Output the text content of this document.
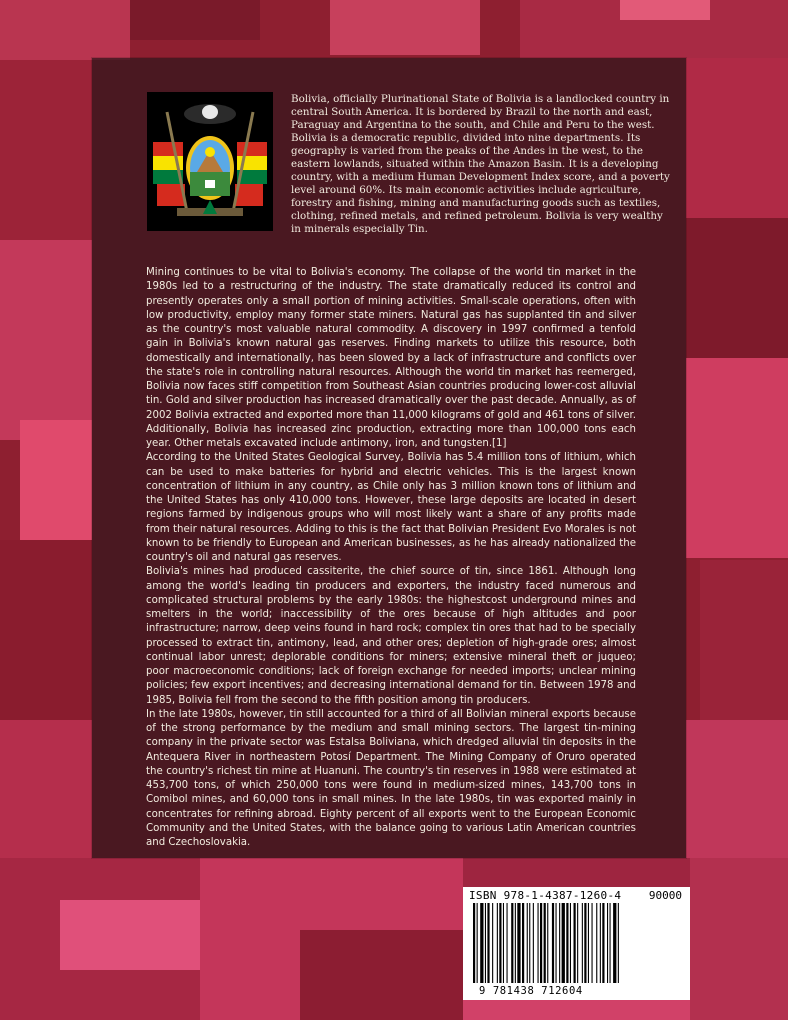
Bolivia, officially Plurinational State of Bolivia is a landlocked country in central South America. It is bordered by Brazil to the north and east, Paraguay and Argentina to the south, and Chile and Peru to the west. Bolivia is a democratic republic, divided into nine departments. Its geography is varied from the peaks of the Andes in the west, to the eastern lowlands, situated within the Amazon Basin. It is a developing country, with a medium Human Development Index score, and a poverty level around 60%. Its main economic activities include agriculture, forestry and fishing, mining and manufacturing goods such as textiles, clothing, refined metals, and refined petroleum. Bolivia is very wealthy in minerals especially Tin.

Mining continues to be vital to Bolivia's economy. The collapse of the world tin market in the 1980s led to a restructuring of the industry. The state dramatically reduced its control and presently operates only a small portion of mining activities. Small-scale operations, often with low productivity, employ many former state miners. Natural gas has supplanted tin and silver as the country's most valuable natural commodity. A discovery in 1997 confirmed a tenfold gain in Bolivia's known natural gas reserves. Finding markets to utilize this resource, both domestically and internationally, has been slowed by a lack of infrastructure and conflicts over the state's role in controlling natural resources. Although the world tin market has reemerged, Bolivia now faces stiff competition from Southeast Asian countries producing lower-cost alluvial tin. Gold and silver production has increased dramatically over the past decade. Annually, as of 2002 Bolivia extracted and exported more than 11,000 kilograms of gold and 461 tons of silver. Additionally, Bolivia has increased zinc production, extracting more than 100,000 tons each year. Other metals excavated include antimony, iron, and tungsten.[1]

According to the United States Geological Survey, Bolivia has 5.4 million tons of lithium, which can be used to make batteries for hybrid and electric vehicles. This is the largest known concentration of lithium in any country, as Chile only has 3 million known tons of lithium and the United States has only 410,000 tons. However, these large deposits are located in desert regions farmed by indigenous groups who will most likely want a share of any profits made from their natural resources. Adding to this is the fact that Bolivian President Evo Morales is not known to be friendly to European and American businesses, as he has already nationalized the country's oil and natural gas reserves.

Bolivia's mines had produced cassiterite, the chief source of tin, since 1861. Although long among the world's leading tin producers and exporters, the industry faced numerous and complicated structural problems by the early 1980s: the highestcost underground mines and smelters in the world; inaccessibility of the ores because of high altitudes and poor infrastructure; narrow, deep veins found in hard rock; complex tin ores that had to be specially processed to extract tin, antimony, lead, and other ores; depletion of high-grade ores; almost continual labor unrest; deplorable conditions for miners; extensive mineral theft or juqueo; poor macroeconomic conditions; lack of foreign exchange for needed imports; unclear mining policies; few export incentives; and decreasing international demand for tin. Between 1978 and 1985, Bolivia fell from the second to the fifth position among tin producers.

In the late 1980s, however, tin still accounted for a third of all Bolivian mineral exports because of the strong performance by the medium and small mining sectors. The largest tin-mining company in the private sector was Estalsa Boliviana, which dredged alluvial tin deposits in the Antequera River in northeastern Potosí Department. The Mining Company of Oruro operated the country's richest tin mine at Huanuni. The country's tin reserves in 1988 were estimated at 453,700 tons, of which 250,000 tons were found in medium-sized mines, 143,700 tons in Comibol mines, and 60,000 tons in small mines. In the late 1980s, tin was exported mainly in concentrates for refining abroad. Eighty percent of all exports went to the European Economic Community and the United States, with the balance going to various Latin American countries and Czechoslovakia.

ISBN 978-1-4387-1260-4	90000
9 781438 712604
